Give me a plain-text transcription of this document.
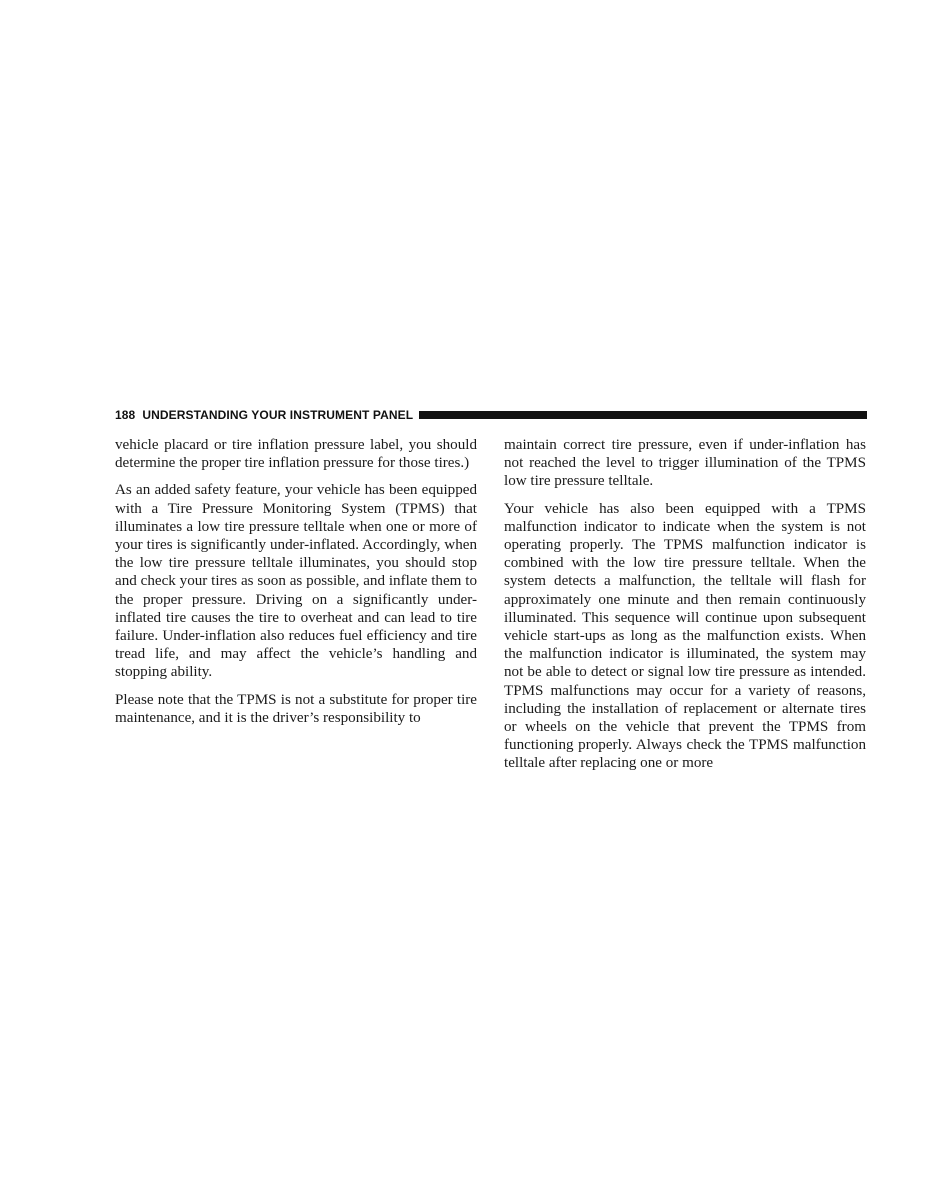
188 UNDERSTANDING YOUR INSTRUMENT PANEL

vehicle placard or tire inflation pressure label, you should determine the proper tire inflation pressure for those tires.)

As an added safety feature, your vehicle has been equipped with a Tire Pressure Monitoring System (TPMS) that illuminates a low tire pressure telltale when one or more of your tires is significantly under-inflated. Accordingly, when the low tire pressure telltale illuminates, you should stop and check your tires as soon as possible, and inflate them to the proper pressure. Driving on a significantly under-inflated tire causes the tire to overheat and can lead to tire failure. Under-inflation also reduces fuel efficiency and tire tread life, and may affect the vehicle’s handling and stopping ability.

Please note that the TPMS is not a substitute for proper tire maintenance, and it is the driver’s responsibility to

maintain correct tire pressure, even if under-inflation has not reached the level to trigger illumination of the TPMS low tire pressure telltale.

Your vehicle has also been equipped with a TPMS malfunction indicator to indicate when the system is not operating properly. The TPMS malfunction indicator is combined with the low tire pressure telltale. When the system detects a malfunction, the telltale will flash for approximately one minute and then remain continuously illuminated. This sequence will continue upon subsequent vehicle start-ups as long as the malfunction exists. When the malfunction indicator is illuminated, the system may not be able to detect or signal low tire pressure as intended. TPMS malfunctions may occur for a variety of reasons, including the installation of replacement or alternate tires or wheels on the vehicle that prevent the TPMS from functioning properly. Always check the TPMS malfunction telltale after replacing one or more
